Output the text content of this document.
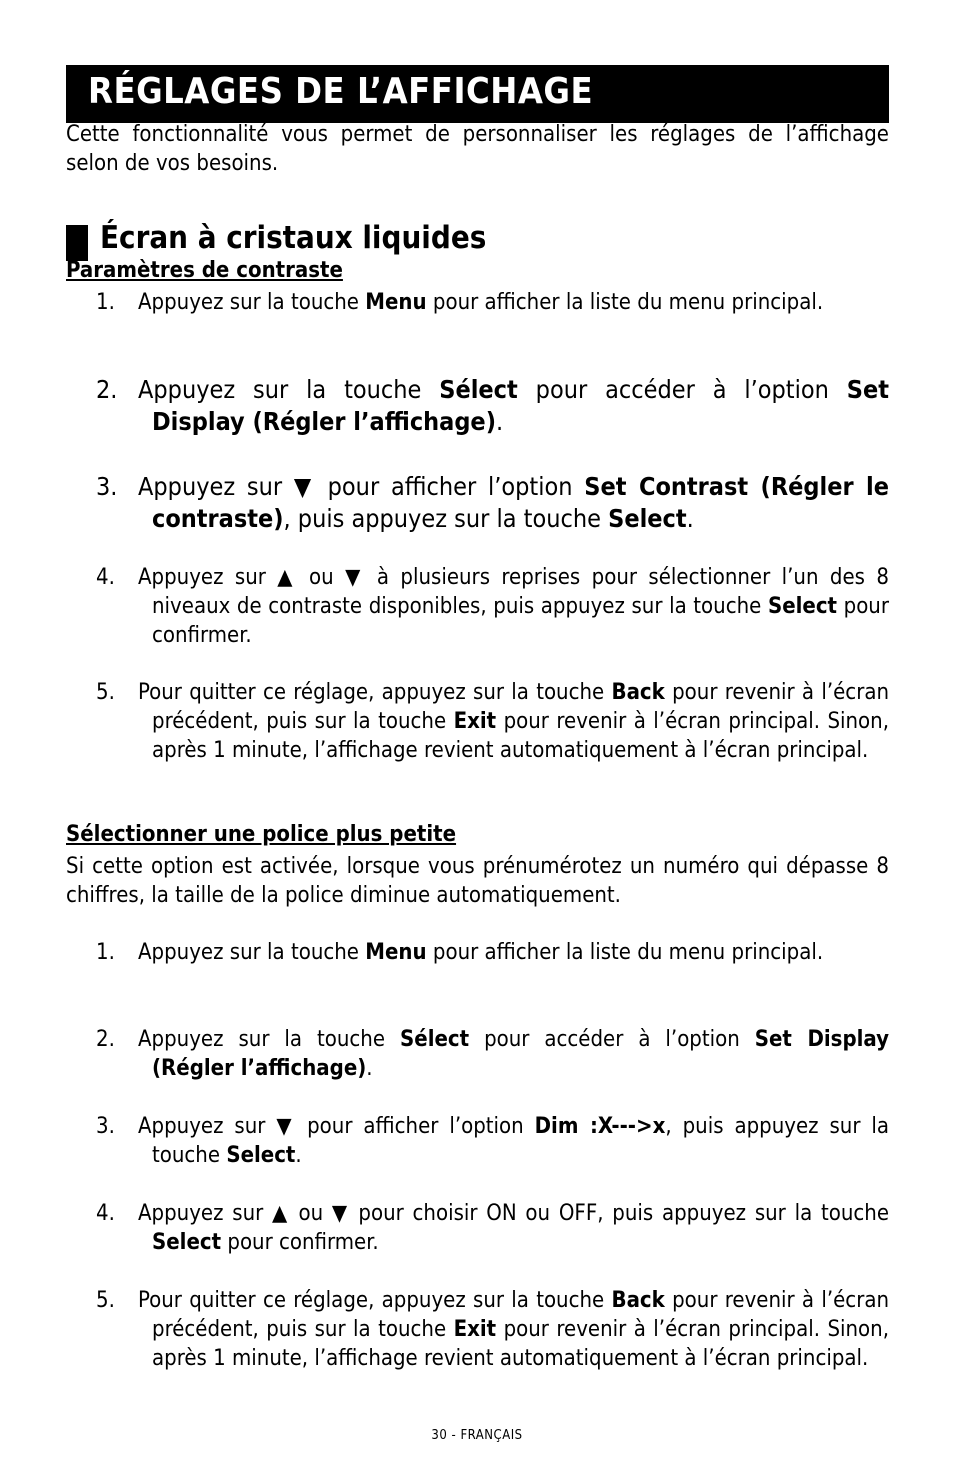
RÉGLAGES DE L’AFFICHAGE
Cette fonctionnalité vous permet de personnaliser les réglages de l’affichage selon de vos besoins.
Écran à cristaux liquides
Paramètres de contraste
1. Appuyez sur la touche Menu pour afficher la liste du menu principal.
2. Appuyez sur la touche Sélect pour accéder à l’option Set Display (Régler l’affichage).
3. Appuyez sur ▼ pour afficher l’option Set Contrast (Régler le contraste), puis appuyez sur la touche Select.
4. Appuyez sur ▲ ou ▼ à plusieurs reprises pour sélectionner l’un des 8 niveaux de contraste disponibles, puis appuyez sur la touche Select pour confirmer.
5. Pour quitter ce réglage, appuyez sur la touche Back pour revenir à l’écran précédent, puis sur la touche Exit pour revenir à l’écran principal. Sinon, après 1 minute, l’affichage revient automatiquement à l’écran principal.
Sélectionner une police plus petite
Si cette option est activée, lorsque vous prénumérotez un numéro qui dépasse 8 chiffres, la taille de la police diminue automatiquement.
1. Appuyez sur la touche Menu pour afficher la liste du menu principal.
2. Appuyez sur la touche Sélect pour accéder à l’option Set Display (Régler l’affichage).
3. Appuyez sur ▼ pour afficher l’option Dim :X--->x, puis appuyez sur la touche Select.
4. Appuyez sur ▲ ou ▼ pour choisir ON ou OFF, puis appuyez sur la touche Select pour confirmer.
5. Pour quitter ce réglage, appuyez sur la touche Back pour revenir à l’écran précédent, puis sur la touche Exit pour revenir à l’écran principal. Sinon, après 1 minute, l’affichage revient automatiquement à l’écran principal.
30 - FRANÇAIS
